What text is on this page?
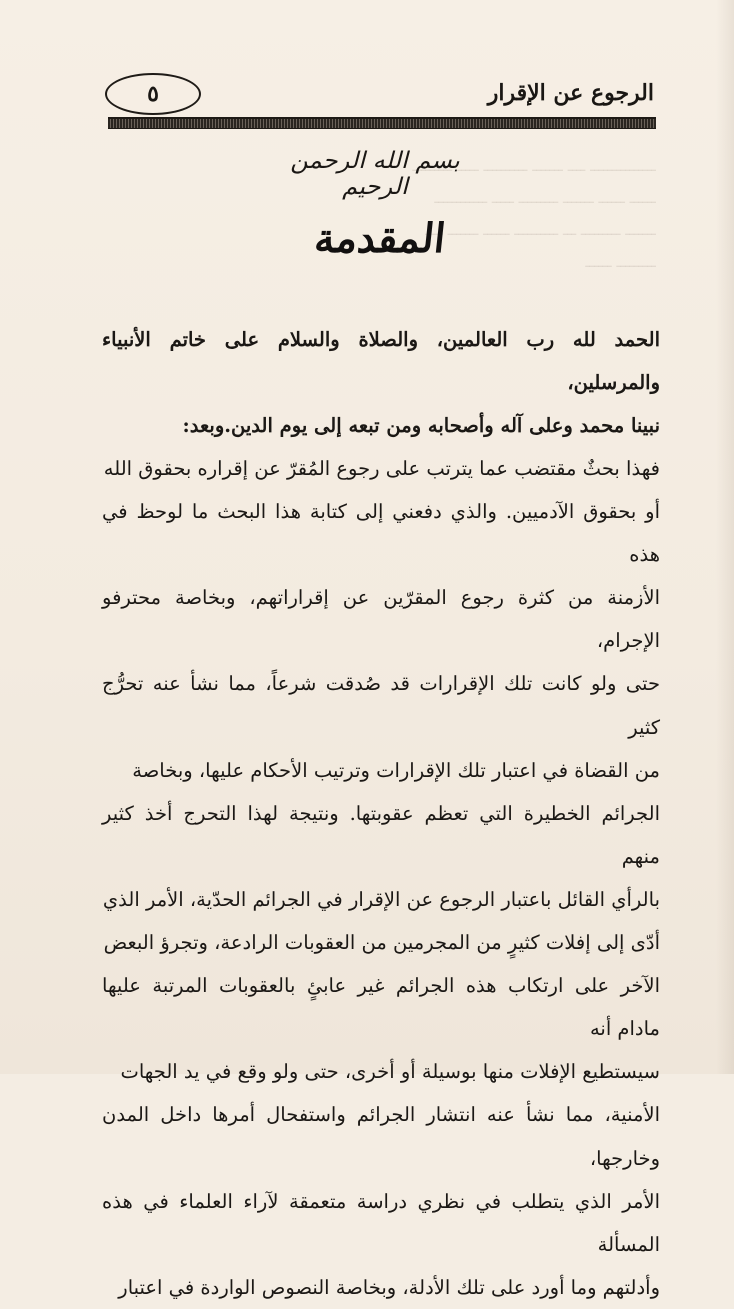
الرجوع عن الإقرار
٥
ـــــــــــــــ ــــ ـــــــ ــــــــــ ـــــ ـــــــــ
ــــــ ــــــ ـــــــ ـــــــــ ـــــ ــــــــــــ
ـــــــ ـــــــــ ـــ ــــــــــ ــــــ ـــــــ ــــ
ـــــــــ ــــــ
بسم الله الرحمن الرحيم
المقدمة

الحمد لله رب العالمين، والصلاة والسلام على خاتم الأنبياء والمرسلين،

نبينا محمد وعلى آله وأصحابه ومن تبعه إلى يوم الدين.وبعد:

فهذا بحثٌ مقتضب عما يترتب على رجوع المُقرّ عن إقراره بحقوق الله

أو بحقوق الآدميين. والذي دفعني إلى كتابة هذا البحث ما لوحظ في هذه

الأزمنة من كثرة رجوع المقرّين عن إقراراتهم، وبخاصة محترفو الإجرام،

حتى ولو كانت تلك الإقرارات قد صُدقت شرعاً، مما نشأ عنه تحرُّج كثير

من القضاة في اعتبار تلك الإقرارات وترتيب الأحكام عليها، وبخاصة

الجرائم الخطيرة التي تعظم عقوبتها. ونتيجة لهذا التحرج أخذ كثير منهم

بالرأي القائل باعتبار الرجوع عن الإقرار في الجرائم الحدّية، الأمر الذي

أدّى إلى إفلات كثيرٍ من المجرمين من العقوبات الرادعة، وتجرؤ البعض

الآخر على ارتكاب هذه الجرائم غير عابئٍ بالعقوبات المرتبة عليها مادام أنه

سيستطيع الإفلات منها بوسيلة أو أخرى، حتى ولو وقع في يد الجهات

الأمنية، مما نشأ عنه انتشار الجرائم واستفحال أمرها داخل المدن وخارجها،

الأمر الذي يتطلب في نظري دراسة متعمقة لآراء العلماء في هذه المسألة

وأدلتهم وما أورد على تلك الأدلة، وبخاصة النصوص الواردة في اعتبار
